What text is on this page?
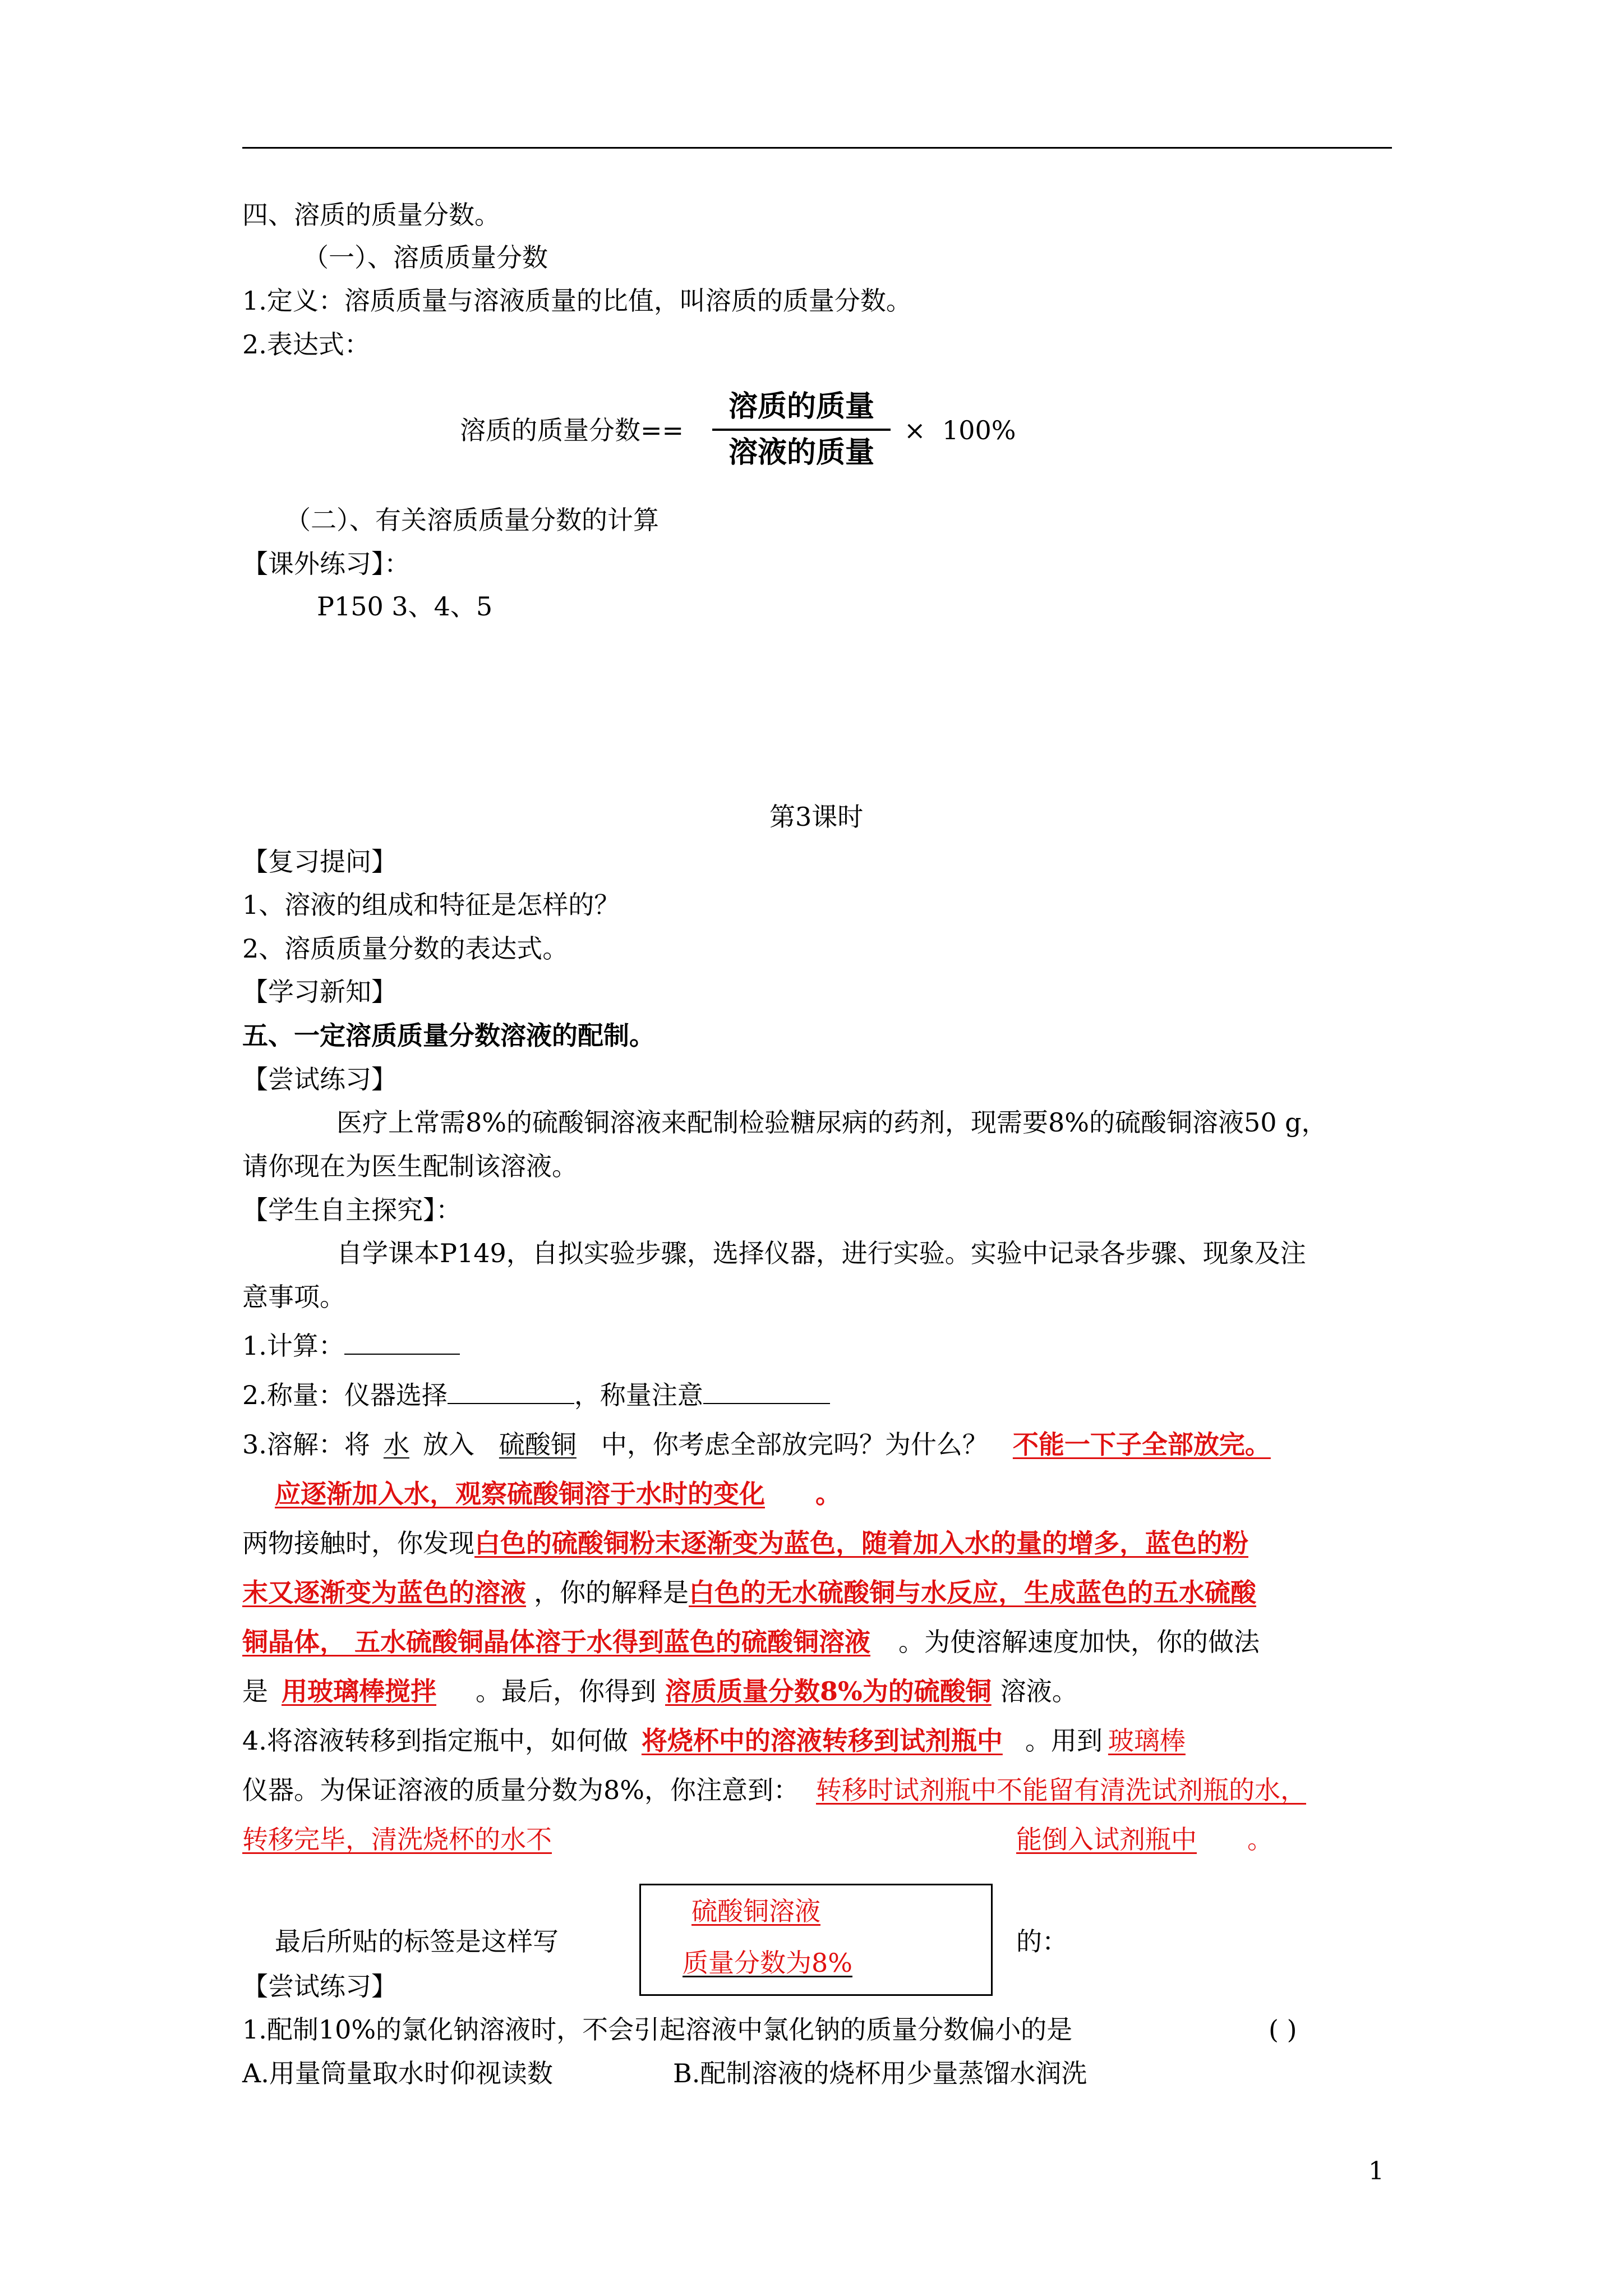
四、溶质的质量分数。
（一）、溶质质量分数
1.定义：溶质质量与溶液质量的比值，叫溶质的质量分数。
2.表达式：
溶质的质量分数==
溶质的质量
溶液的质量
× 100%
（二）、有关溶质质量分数的计算
【课外练习】：
P150 3、4、5
第3课时
【复习提问】
1、溶液的组成和特征是怎样的？
2、溶质质量分数的表达式。
【学习新知】
五、一定溶质质量分数溶液的配制。
【尝试练习】
医疗上常需8%的硫酸铜溶液来配制检验糖尿病的药剂，现需要8%的硫酸铜溶液50 g，
请你现在为医生配制该溶液。
【学生自主探究】：
自学课本P149，自拟实验步骤，选择仪器，进行实验。实验中记录各步骤、现象及注
意事项。
1.计算：
2.称量：仪器选择	，称量注意
3.溶解：将 水 放入 硫酸铜 中，你考虑全部放完吗？为什么？ 不能一下子全部放完。
应逐渐加入水，观察硫酸铜溶于水时的变化 。
两物接触时，你发现白色的硫酸铜粉末逐渐变为蓝色，随着加入水的量的增多，蓝色的粉
末又逐渐变为蓝色的溶液 ，你的解释是白色的无水硫酸铜与水反应，生成蓝色的五水硫酸
铜晶体， 五水硫酸铜晶体溶于水得到蓝色的硫酸铜溶液 。为使溶解速度加快，你的做法
是 用玻璃棒搅拌 。最后，你得到 溶质质量分数8%为的硫酸铜 溶液。
4.将溶液转移到指定瓶中，如何做 将烧杯中的溶液转移到试剂瓶中 。用到 玻璃棒
仪器。为保证溶液的质量分数为8%，你注意到： 转移时试剂瓶中不能留有清洗试剂瓶的水，
转移完毕，清洗烧杯的水不	能倒入试剂瓶中 。
最后所贴的标签是这样写
硫酸铜溶液
质量分数为8%
的：
【尝试练习】
1.配制10%的氯化钠溶液时，不会引起溶液中氯化钠的质量分数偏小的是	( )
A.用量筒量取水时仰视读数	B.配制溶液的烧杯用少量蒸馏水润洗
1
